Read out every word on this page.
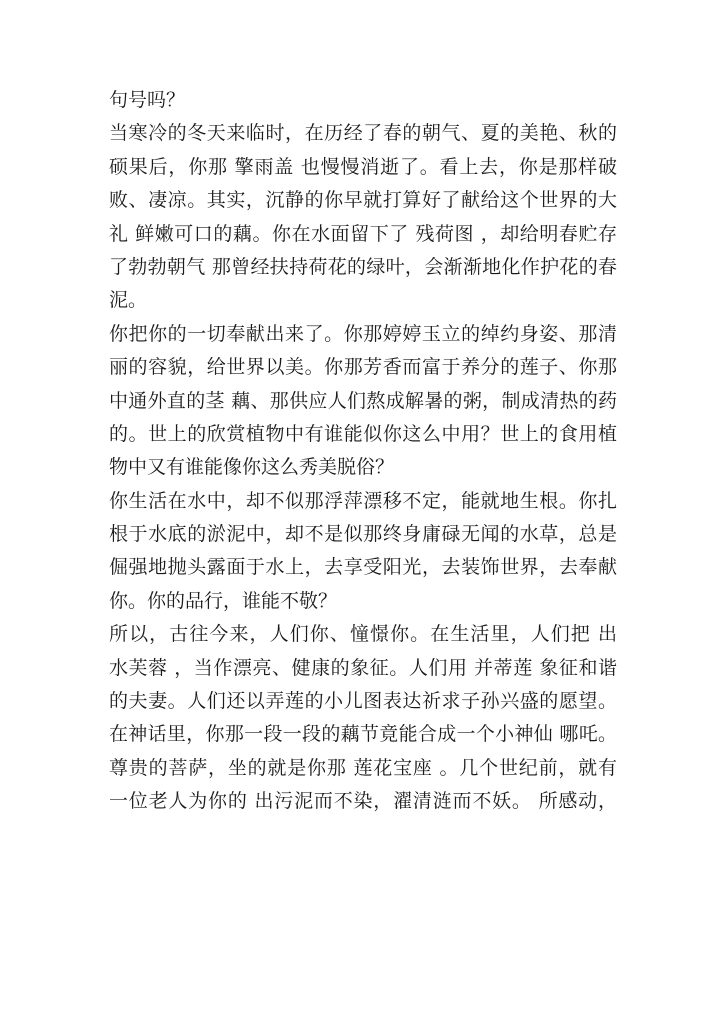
句号吗？
当寒冷的冬天来临时，在历经了春的朝气、夏的美艳、秋的
硕果后，你那 擎雨盖 也慢慢消逝了。看上去，你是那样破
败、凄凉。其实，沉静的你早就打算好了献给这个世界的大
礼 鲜嫩可口的藕。你在水面留下了 残荷图 ，却给明春贮存
了勃勃朝气 那曾经扶持荷花的绿叶，会渐渐地化作护花的春
泥。
你把你的一切奉献出来了。你那婷婷玉立的绰约身姿、那清
丽的容貌，给世界以美。你那芳香而富于养分的莲子、你那
中通外直的茎 藕、那供应人们熬成解暑的粥，制成清热的药
的。世上的欣赏植物中有谁能似你这么中用？世上的食用植
物中又有谁能像你这么秀美脱俗？
你生活在水中，却不似那浮萍漂移不定，能就地生根。你扎
根于水底的淤泥中，却不是似那终身庸碌无闻的水草，总是
倔强地抛头露面于水上，去享受阳光，去装饰世界，去奉献
你。你的品行，谁能不敬？
所以，古往今来，人们你、憧憬你。在生活里，人们把 出
水芙蓉 ，当作漂亮、健康的象征。人们用 并蒂莲 象征和谐
的夫妻。人们还以弄莲的小儿图表达祈求子孙兴盛的愿望。
在神话里，你那一段一段的藕节竟能合成一个小神仙 哪吒。
尊贵的菩萨，坐的就是你那 莲花宝座 。几个世纪前，就有
一位老人为你的 出污泥而不染，濯清涟而不妖。 所感动，
